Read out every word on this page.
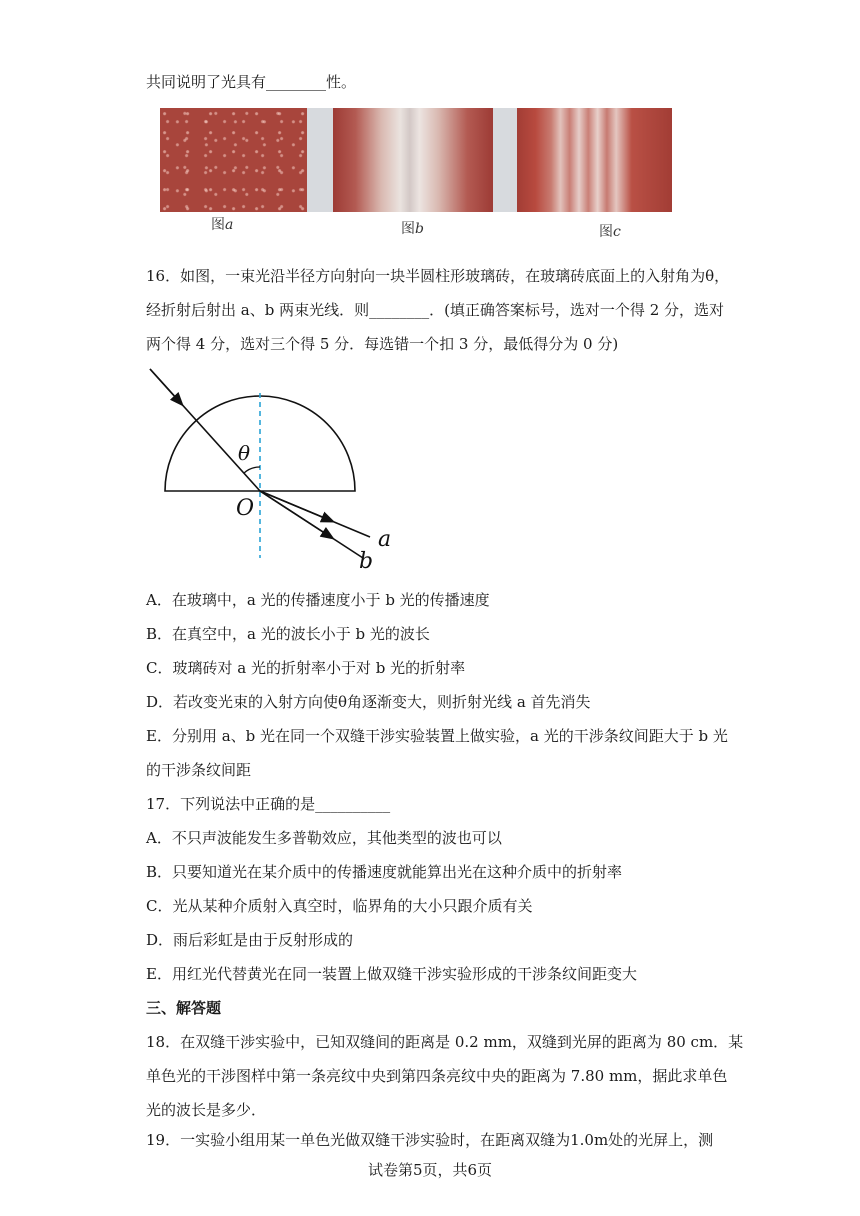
共同说明了光具有________性。
图a	图b	图c
16．如图，一束光沿半径方向射向一块半圆柱形玻璃砖，在玻璃砖底面上的入射角为θ，
经折射后射出 a、b 两束光线．则________．(填正确答案标号，选对一个得 2 分，选对
两个得 4 分，选对三个得 5 分．每选错一个扣 3 分，最低得分为 0 分)
θ
O
a
b
A．在玻璃中，a 光的传播速度小于 b 光的传播速度
B．在真空中，a 光的波长小于 b 光的波长
C．玻璃砖对 a 光的折射率小于对 b 光的折射率
D．若改变光束的入射方向使θ角逐渐变大，则折射光线 a 首先消失
E．分别用 a、b 光在同一个双缝干涉实验装置上做实验，a 光的干涉条纹间距大于 b 光
的干涉条纹间距
17．下列说法中正确的是__________
A．不只声波能发生多普勒效应，其他类型的波也可以
B．只要知道光在某介质中的传播速度就能算出光在这种介质中的折射率
C．光从某种介质射入真空时，临界角的大小只跟介质有关
D．雨后彩虹是由于反射形成的
E．用红光代替黄光在同一装置上做双缝干涉实验形成的干涉条纹间距变大
三、解答题
18．在双缝干涉实验中，已知双缝间的距离是 0.2 mm，双缝到光屏的距离为 80 cm．某
单色光的干涉图样中第一条亮纹中央到第四条亮纹中央的距离为 7.80 mm，据此求单色
光的波长是多少．
19．一实验小组用某一单色光做双缝干涉实验时，在距离双缝为1.0m处的光屏上，测
试卷第5页，共6页
